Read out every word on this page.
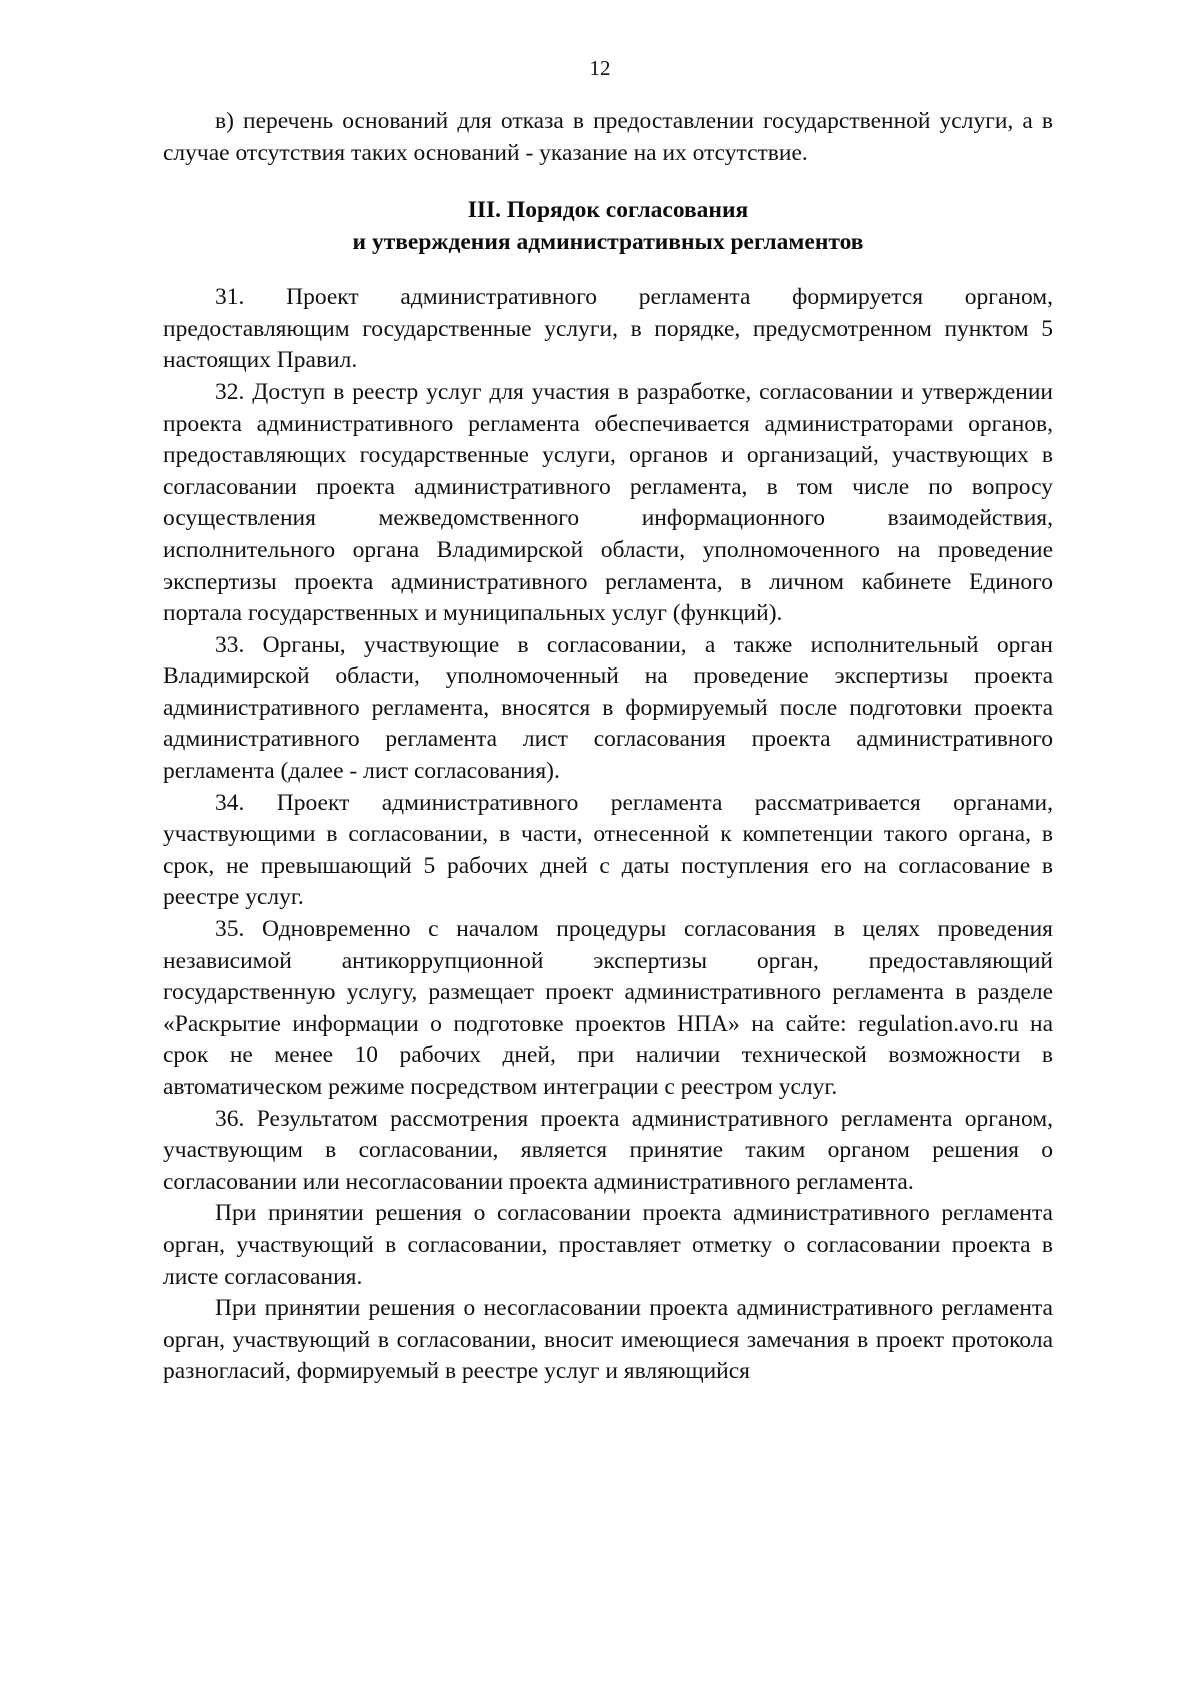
12

в) перечень оснований для отказа в предоставлении государственной услуги, а в случае отсутствия таких оснований - указание на их отсутствие.

III. Порядок согласования
и утверждения административных регламентов

31. Проект административного регламента формируется органом, предоставляющим государственные услуги, в порядке, предусмотренном пунктом 5 настоящих Правил.

32. Доступ в реестр услуг для участия в разработке, согласовании и утверждении проекта административного регламента обеспечивается администраторами органов, предоставляющих государственные услуги, органов и организаций, участвующих в согласовании проекта административного регламента, в том числе по вопросу осуществления межведомственного информационного взаимодействия, исполнительного органа Владимирской области, уполномоченного на проведение экспертизы проекта административного регламента, в личном кабинете Единого портала государственных и муниципальных услуг (функций).

33. Органы, участвующие в согласовании, а также исполнительный орган Владимирской области, уполномоченный на проведение экспертизы проекта административного регламента, вносятся в формируемый после подготовки проекта административного регламента лист согласования проекта административного регламента (далее - лист согласования).

34. Проект административного регламента рассматривается органами, участвующими в согласовании, в части, отнесенной к компетенции такого органа, в срок, не превышающий 5 рабочих дней с даты поступления его на согласование в реестре услуг.

35. Одновременно с началом процедуры согласования в целях проведения независимой антикоррупционной экспертизы орган, предоставляющий государственную услугу, размещает проект административного регламента в разделе «Раскрытие информации о подготовке проектов НПА» на сайте: regulation.avo.ru на срок не менее 10 рабочих дней, при наличии технической возможности в автоматическом режиме посредством интеграции с реестром услуг.

36. Результатом рассмотрения проекта административного регламента органом, участвующим в согласовании, является принятие таким органом решения о согласовании или несогласовании проекта административного регламента.

При принятии решения о согласовании проекта административного регламента орган, участвующий в согласовании, проставляет отметку о согласовании проекта в листе согласования.

При принятии решения о несогласовании проекта административного регламента орган, участвующий в согласовании, вносит имеющиеся замечания в проект протокола разногласий, формируемый в реестре услуг и являющийся
